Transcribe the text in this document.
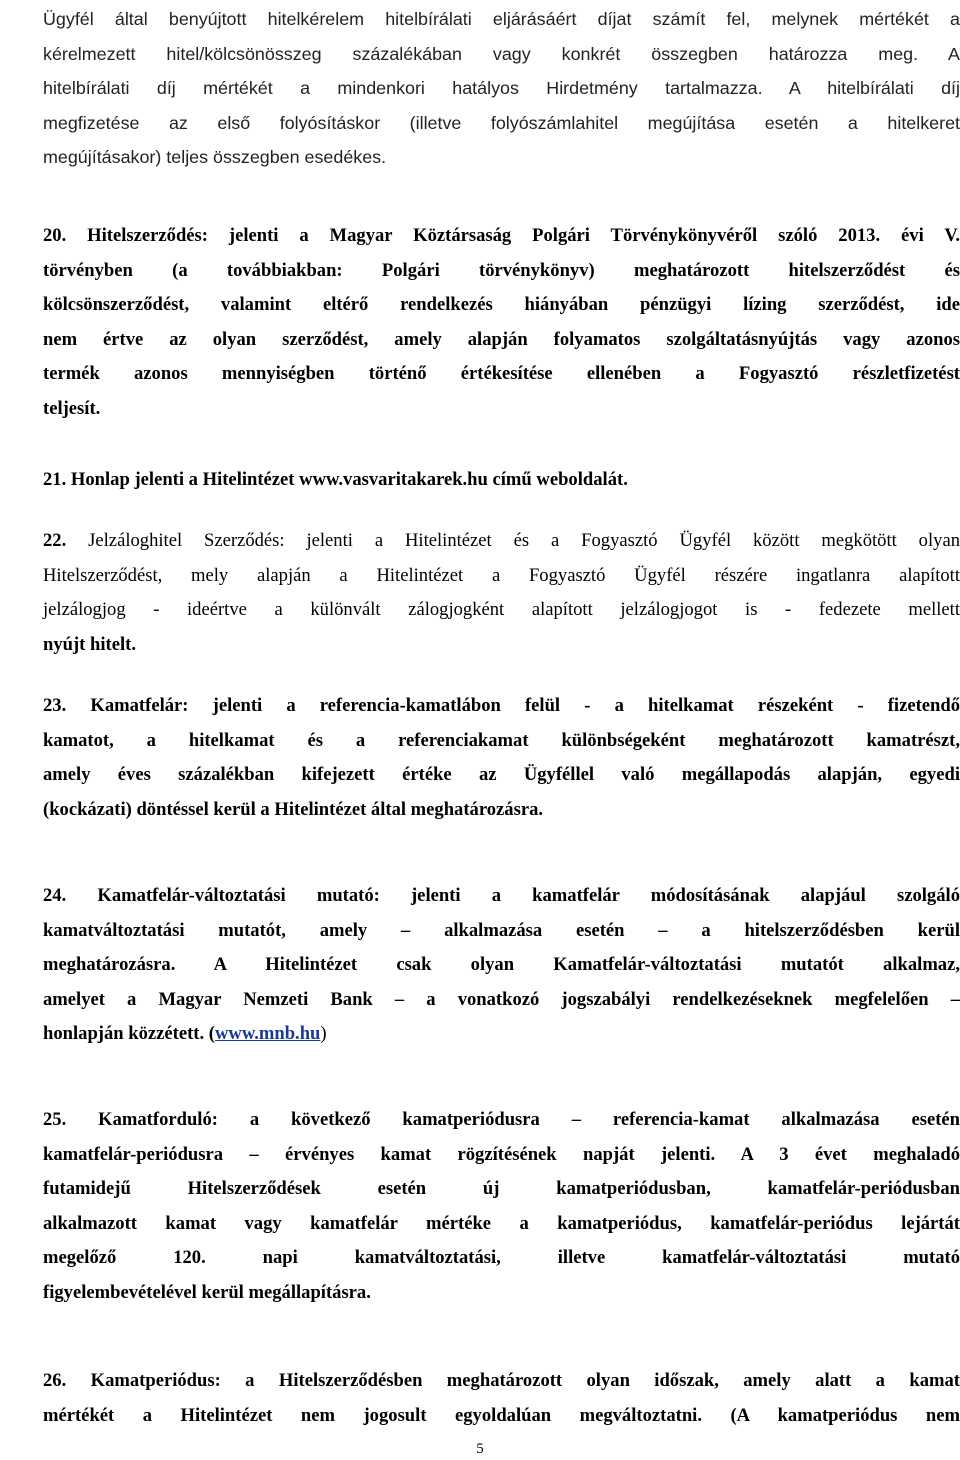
Ügyfél által benyújtott hitelkérelem hitelbírálati eljárásáért díjat számít fel, melynek mértékét a
kérelmezett hitel/kölcsönösszeg százalékában vagy konkrét összegben határozza meg. A
hitelbírálati díj mértékét a mindenkori hatályos Hirdetmény tartalmazza. A hitelbírálati díj
megfizetése az első folyósításkor (illetve folyószámlahitel megújítása esetén a hitelkeret
megújításakor) teljes összegben esedékes.
20. Hitelszerződés: jelenti a Magyar Köztársaság Polgári Törvénykönyvéről szóló 2013. évi V.
törvényben (a továbbiakban: Polgári törvénykönyv) meghatározott hitelszerződést és
kölcsönszerződést, valamint eltérő rendelkezés hiányában pénzügyi lízing szerződést, ide
nem értve az olyan szerződést, amely alapján folyamatos szolgáltatásnyújtás vagy azonos
termék azonos mennyiségben történő értékesítése ellenében a Fogyasztó részletfizetést
teljesít.
21. Honlap jelenti a Hitelintézet www.vasvaritakarek.hu című weboldalát.
22. Jelzáloghitel Szerződés: jelenti a Hitelintézet és a Fogyasztó Ügyfél között megkötött olyan
Hitelszerződést, mely alapján a Hitelintézet a Fogyasztó Ügyfél részére ingatlanra alapított
jelzálogjog - ideértve a különvált zálogjogként alapított jelzálogjogot is - fedezete mellett
nyújt hitelt.
23. Kamatfelár: jelenti a referencia-kamatlábon felül - a hitelkamat részeként - fizetendő
kamatot, a hitelkamat és a referenciakamat különbségeként meghatározott kamatrészt,
amely éves százalékban kifejezett értéke az Ügyféllel való megállapodás alapján, egyedi
(kockázati) döntéssel kerül a Hitelintézet által meghatározásra.
24. Kamatfelár-változtatási mutató: jelenti a kamatfelár módosításának alapjául szolgáló
kamatváltoztatási mutatót, amely – alkalmazása esetén – a hitelszerződésben kerül
meghatározásra. A Hitelintézet csak olyan Kamatfelár-változtatási mutatót alkalmaz,
amelyet a Magyar Nemzeti Bank – a vonatkozó jogszabályi rendelkezéseknek megfelelően –
honlapján közzétett. (www.mnb.hu)
25. Kamatforduló: a következő kamatperiódusra – referencia-kamat alkalmazása esetén
kamatfelár-periódusra – érvényes kamat rögzítésének napját jelenti. A 3 évet meghaladó
futamidejű Hitelszerződések esetén új kamatperiódusban, kamatfelár-periódusban
alkalmazott kamat vagy kamatfelár mértéke a kamatperiódus, kamatfelár-periódus lejártát
megelőző 120. napi kamatváltoztatási, illetve kamatfelár-változtatási mutató
figyelembevételével kerül megállapításra.
26. Kamatperiódus: a Hitelszerződésben meghatározott olyan időszak, amely alatt a kamat
mértékét a Hitelintézet nem jogosult egyoldalúan megváltoztatni. (A kamatperiódus nem
5
